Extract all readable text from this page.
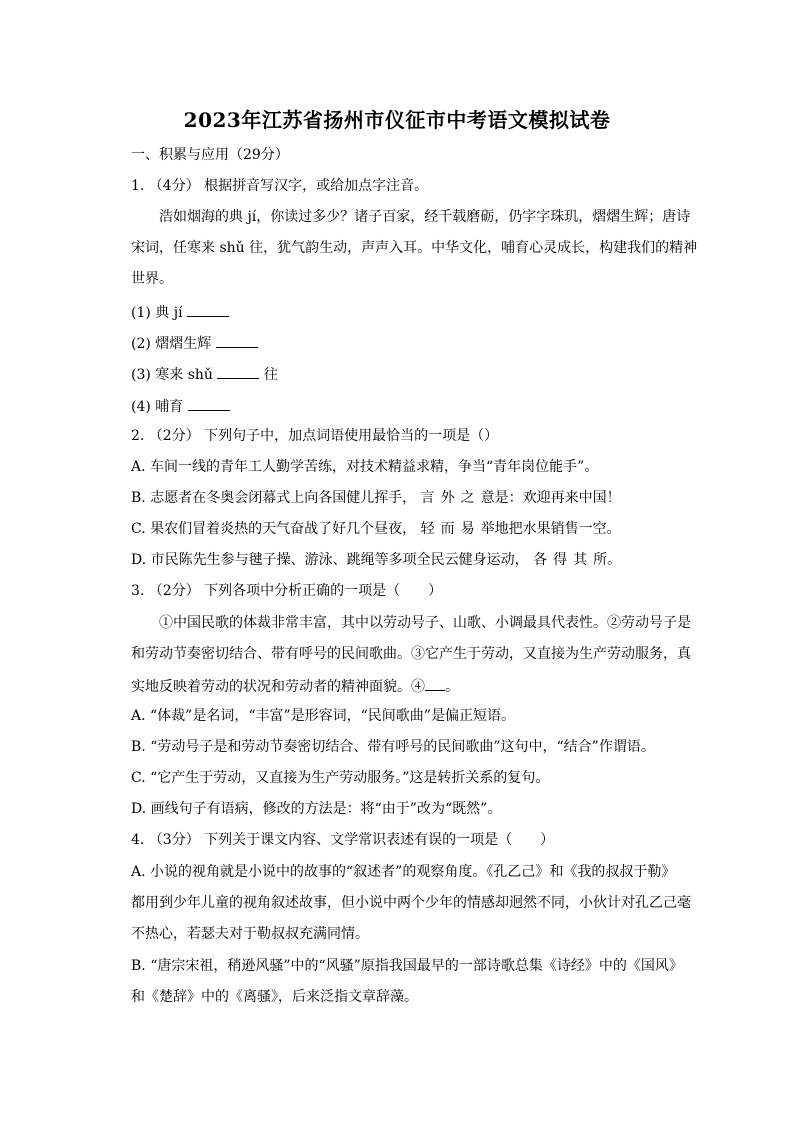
2023年江苏省扬州市仪征市中考语文模拟试卷
一、积累与应用（29分）
1. （4分） 根据拼音写汉字，或给加点字注音。
浩如烟海的典 jí，你读过多少？诸子百家，经千载磨砺，仍字字珠玑，熠熠生辉；唐诗
宋词，任寒来 shǔ 往，犹气韵生动，声声入耳。中华文化，哺育心灵成长，构建我们的精神
世界。
(1) 典 jí
(2) 熠熠生辉
(3) 寒来 shǔ	往
(4) 哺育
2. （2分） 下列句子中，加点词语使用最恰当的一项是（）
A. 车间一线的青年工人勤学苦练，对技术精益求精，争当“青年岗位能手”。
B. 志愿者在冬奥会闭幕式上向各国健儿挥手， 言外之意是：欢迎再来中国！
C. 果农们冒着炎热的天气奋战了好几个昼夜， 轻而易举地把水果销售一空。
D. 市民陈先生参与毽子操、游泳、跳绳等多项全民云健身运动， 各得其所。
3. （2分） 下列各项中分析正确的一项是（　　）
①中国民歌的体裁非常丰富，其中以劳动号子、山歌、小调最具代表性。②劳动号子是
和劳动节奏密切结合、带有呼号的民间歌曲。③它产生于劳动，又直接为生产劳动服务，真
实地反映着劳动的状况和劳动者的精神面貌。④ 。
A. “体裁”是名词，“丰富”是形容词，“民间歌曲”是偏正短语。
B. “劳动号子是和劳动节奏密切结合、带有呼号的民间歌曲”这句中，“结合”作谓语。
C. “它产生于劳动，又直接为生产劳动服务。”这是转折关系的复句。
D. 画线句子有语病，修改的方法是：将“由于”改为“既然”。
4. （3分） 下列关于课文内容、文学常识表述有误的一项是（　　）
A. 小说的视角就是小说中的故事的“叙述者”的观察角度。《孔乙己》和《我的叔叔于勒》
都用到少年儿童的视角叙述故事，但小说中两个少年的情感却迥然不同，小伙计对孔乙己毫
不热心，若瑟夫对于勒叔叔充满同情。
B. “唐宗宋祖，稍逊风骚”中的“风骚”原指我国最早的一部诗歌总集《诗经》中的《国风》
和《楚辞》中的《离骚》，后来泛指文章辞藻。
